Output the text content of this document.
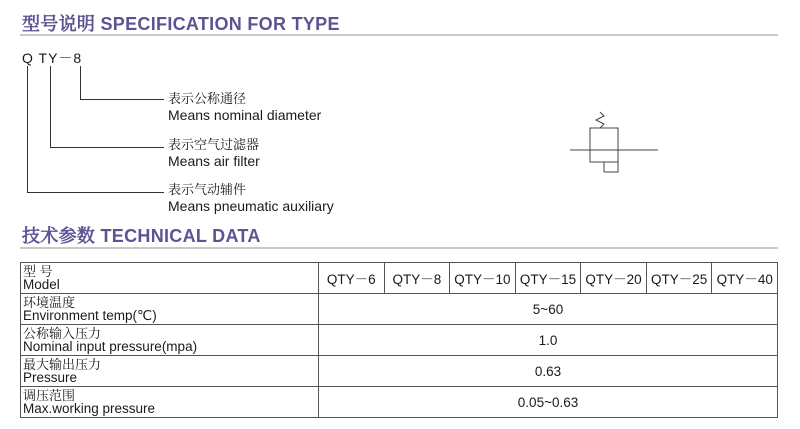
型号说明 SPECIFICATION FOR TYPE
Q TY－8
表示公称通径
Means nominal diameter
表示空气过滤器
Means air filter
表示气动辅件
Means pneumatic auxiliary
技术参数 TECHNICAL DATA
型 号
Model	QTY－6	QTY－8	QTY－10	QTY－15	QTY－20	QTY－25	QTY－40

环境温度
Environment temp(℃)	5~60						

公称输入压力
Nominal input pressure(mpa)	1.0						

最大输出压力
Pressure	0.63						

调压范围
Max.working pressure	0.05~0.63						
